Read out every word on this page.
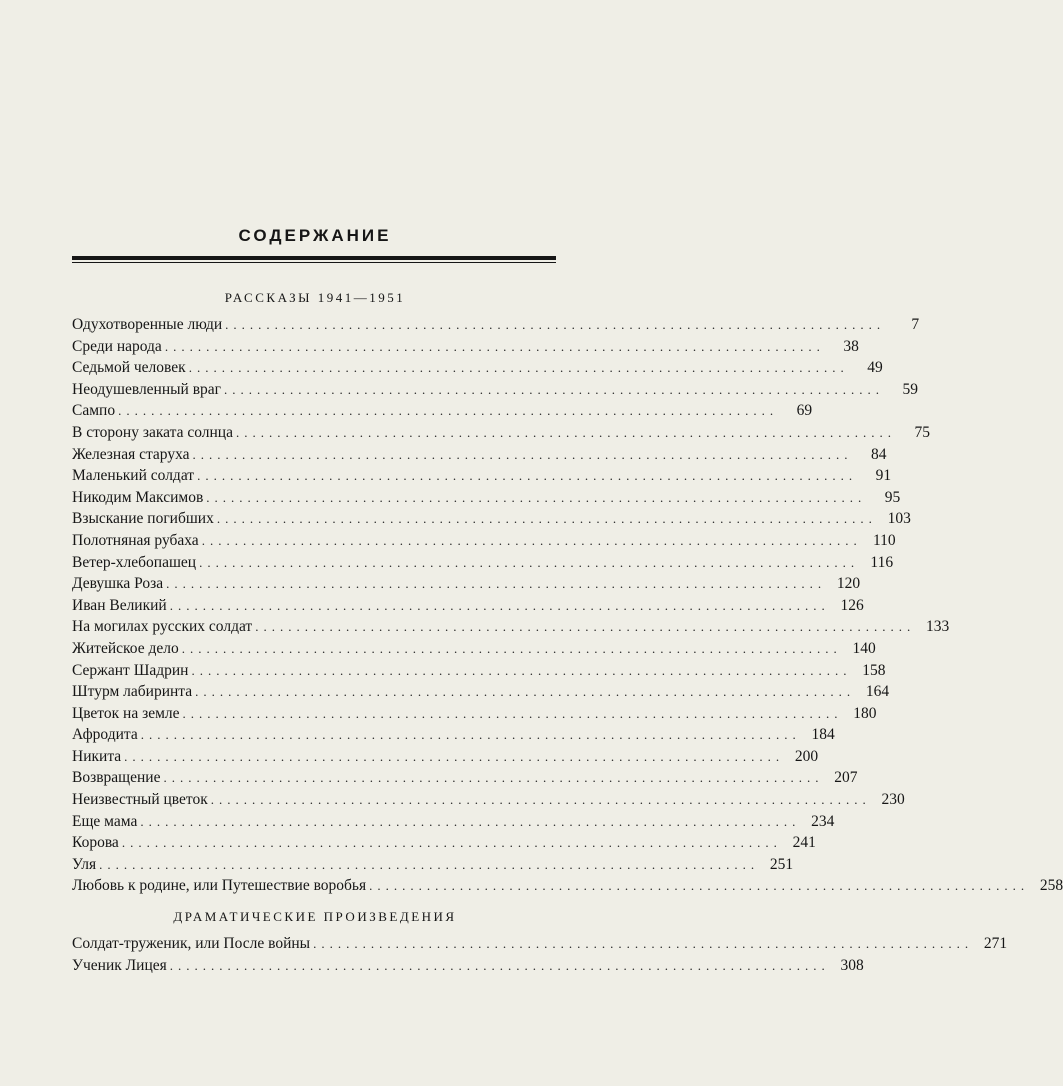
СОДЕРЖАНИЕ
РАССКАЗЫ 1941—1951
Одухотворенные люди ................................................................................	7
Среди народа ................................................................................	38
Седьмой человек ................................................................................	49
Неодушевленный враг ................................................................................	59
Сампо ................................................................................	69
В сторону заката солнца ................................................................................	75
Железная старуха ................................................................................	84
Маленький солдат ................................................................................	91
Никодим Максимов ................................................................................	95
Взыскание погибших ................................................................................ 103
Полотняная рубаха ................................................................................ 110
Ветер-хлебопашец ................................................................................ 116
Девушка Роза ................................................................................ 120
Иван Великий ................................................................................ 126
На могилах русских солдат ................................................................................ 133
Житейское дело ................................................................................ 140
Сержант Шадрин ................................................................................ 158
Штурм лабиринта ................................................................................ 164
Цветок на земле ................................................................................ 180
Афродита ................................................................................ 184
Никита ................................................................................ 200
Возвращение ................................................................................ 207
Неизвестный цветок ................................................................................ 230
Еще мама ................................................................................ 234
Корова ................................................................................ 241
Уля ................................................................................ 251
Любовь к родине, или Путешествие воробья ................................................................................ 258
ДРАМАТИЧЕСКИЕ ПРОИЗВЕДЕНИЯ
Солдат-труженик, или После войны ................................................................................ 271
Ученик Лицея ................................................................................ 308
